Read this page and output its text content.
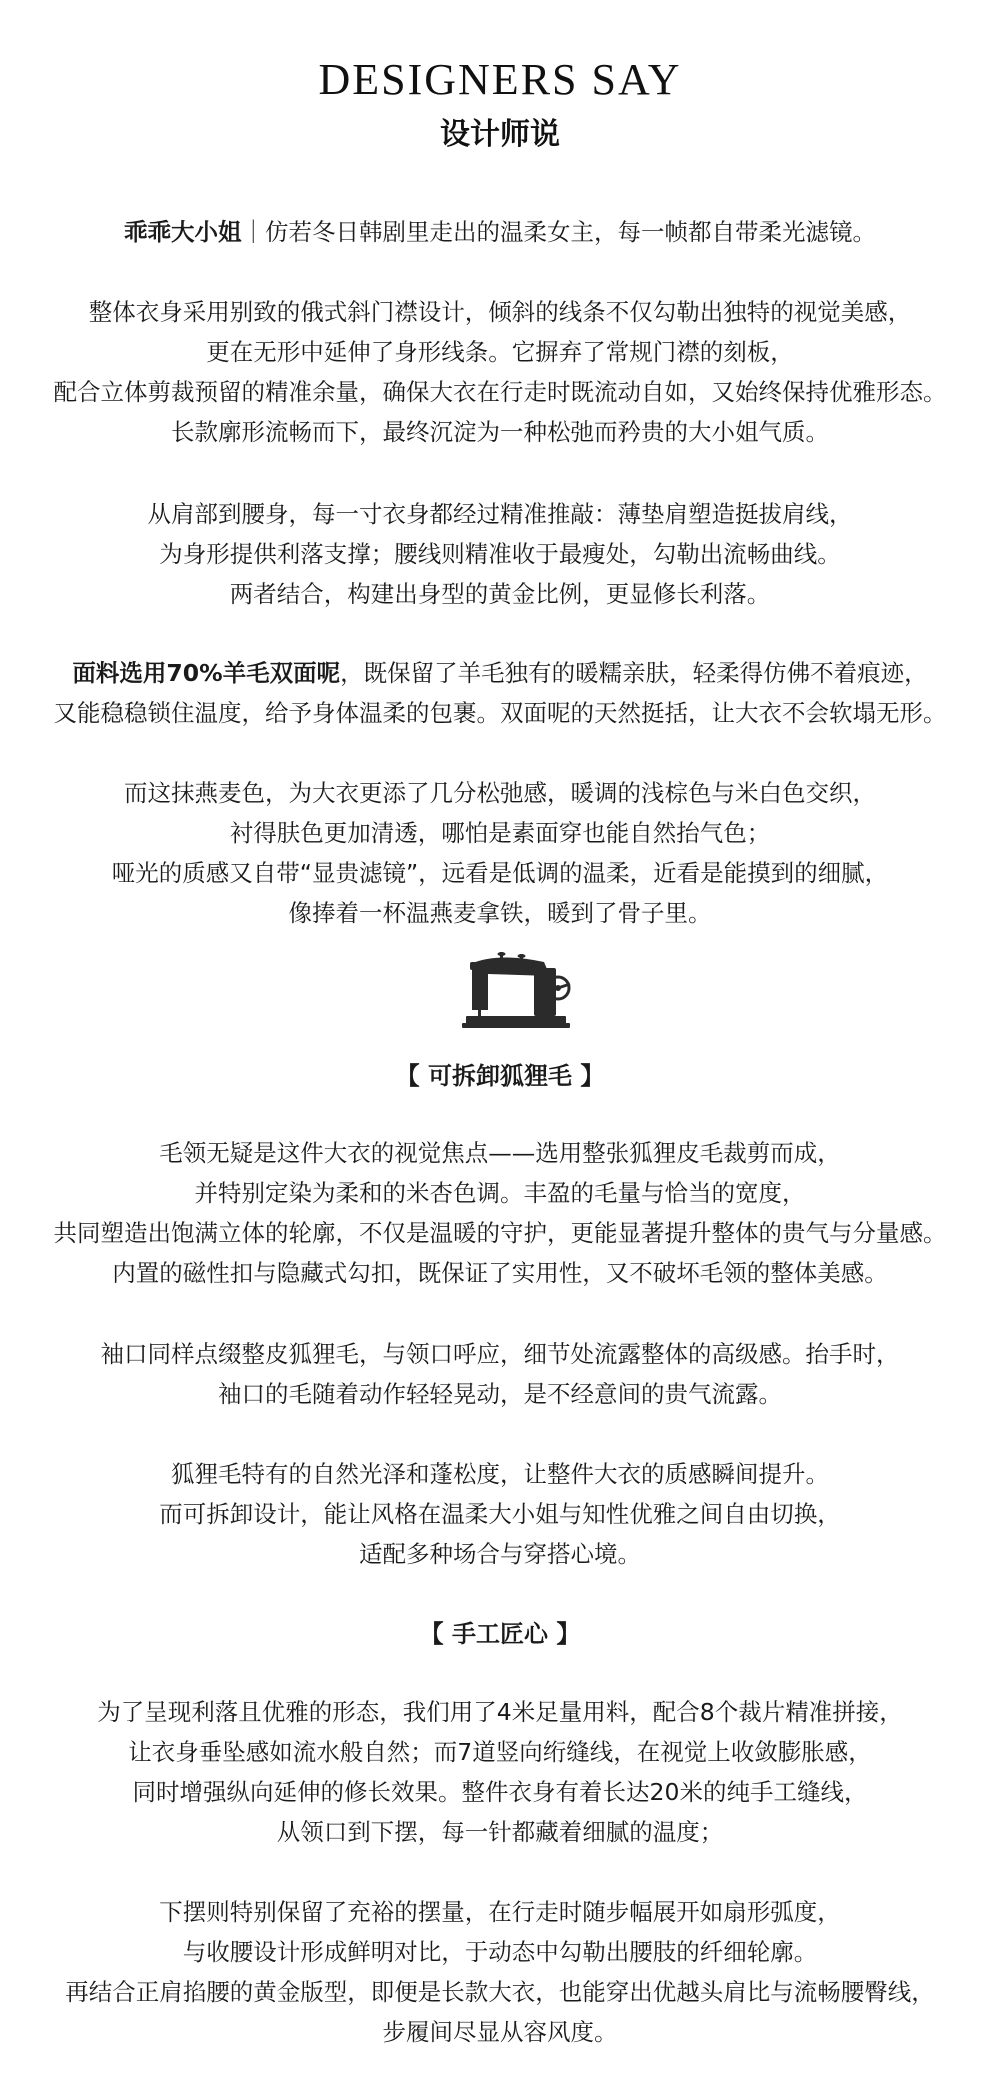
DESIGNERS SAY
设计师说
乖乖大小姐｜仿若冬日韩剧里走出的温柔女主，每一帧都自带柔光滤镜。
整体衣身采用别致的俄式斜门襟设计，倾斜的线条不仅勾勒出独特的视觉美感，
更在无形中延伸了身形线条。它摒弃了常规门襟的刻板，
配合立体剪裁预留的精准余量，确保大衣在行走时既流动自如，又始终保持优雅形态。
长款廓形流畅而下，最终沉淀为一种松弛而矜贵的大小姐气质。
从肩部到腰身，每一寸衣身都经过精准推敲：薄垫肩塑造挺拔肩线，
为身形提供利落支撑；腰线则精准收于最瘦处，勾勒出流畅曲线。
两者结合，构建出身型的黄金比例，更显修长利落。
面料选用70%羊毛双面呢，既保留了羊毛独有的暖糯亲肤，轻柔得仿佛不着痕迹，
又能稳稳锁住温度，给予身体温柔的包裹。双面呢的天然挺括，让大衣不会软塌无形。
而这抹燕麦色，为大衣更添了几分松弛感，暖调的浅棕色与米白色交织，
衬得肤色更加清透，哪怕是素面穿也能自然抬气色；
哑光的质感又自带“显贵滤镜”，远看是低调的温柔，近看是能摸到的细腻，
像捧着一杯温燕麦拿铁，暖到了骨子里。
【 可拆卸狐狸毛 】
毛领无疑是这件大衣的视觉焦点——选用整张狐狸皮毛裁剪而成，
并特别定染为柔和的米杏色调。丰盈的毛量与恰当的宽度，
共同塑造出饱满立体的轮廓，不仅是温暖的守护，更能显著提升整体的贵气与分量感。
内置的磁性扣与隐藏式勾扣，既保证了实用性，又不破坏毛领的整体美感。
袖口同样点缀整皮狐狸毛，与领口呼应，细节处流露整体的高级感。抬手时，
袖口的毛随着动作轻轻晃动，是不经意间的贵气流露。
狐狸毛特有的自然光泽和蓬松度，让整件大衣的质感瞬间提升。
而可拆卸设计，能让风格在温柔大小姐与知性优雅之间自由切换，
适配多种场合与穿搭心境。
【 手工匠心 】
为了呈现利落且优雅的形态，我们用了4米足量用料，配合8个裁片精准拼接，
让衣身垂坠感如流水般自然；而7道竖向绗缝线，在视觉上收敛膨胀感，
同时增强纵向延伸的修长效果。整件衣身有着长达20米的纯手工缝线，
从领口到下摆，每一针都藏着细腻的温度；
下摆则特别保留了充裕的摆量，在行走时随步幅展开如扇形弧度，
与收腰设计形成鲜明对比，于动态中勾勒出腰肢的纤细轮廓。
再结合正肩掐腰的黄金版型，即便是长款大衣，也能穿出优越头肩比与流畅腰臀线，
步履间尽显从容风度。
